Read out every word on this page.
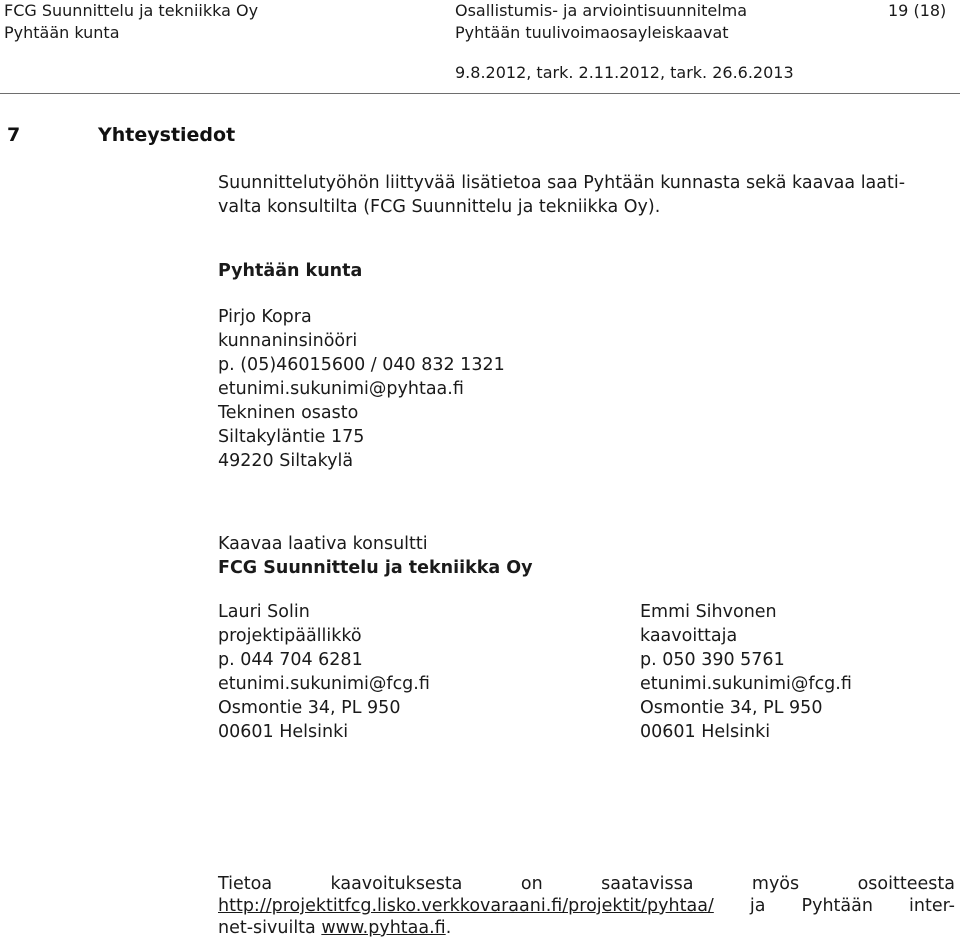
FCG Suunnittelu ja tekniikka Oy
Pyhtään kunta
Osallistumis- ja arviointisuunnitelma
Pyhtään tuulivoimaosayleiskaavat
19 (18)
9.8.2012, tark. 2.11.2012, tark. 26.6.2013
7	Yhteystiedot
Suunnittelutyöhön liittyvää lisätietoa saa Pyhtään kunnasta sekä kaavaa laati-
valta konsultilta (FCG Suunnittelu ja tekniikka Oy).
Pyhtään kunta
Pirjo Kopra
kunnaninsinööri
p. (05)46015600 / 040 832 1321
etunimi.sukunimi@pyhtaa.fi
Tekninen osasto
Siltakyläntie 175
49220 Siltakylä
Kaavaa laativa konsultti
FCG Suunnittelu ja tekniikka Oy
Lauri Solin
projektipäällikkö
p. 044 704 6281
etunimi.sukunimi@fcg.fi
Osmontie 34, PL 950
00601 Helsinki
Emmi Sihvonen
kaavoittaja
p. 050 390 5761
etunimi.sukunimi@fcg.fi
Osmontie 34, PL 950
00601 Helsinki
Tietoa	kaavoituksesta	on	saatavissa	myös	osoitteesta
http://projektitfcg.lisko.verkkovaraani.fi/projektit/pyhtaa/ ja Pyhtään inter-
net-sivuilta www.pyhtaa.fi.
